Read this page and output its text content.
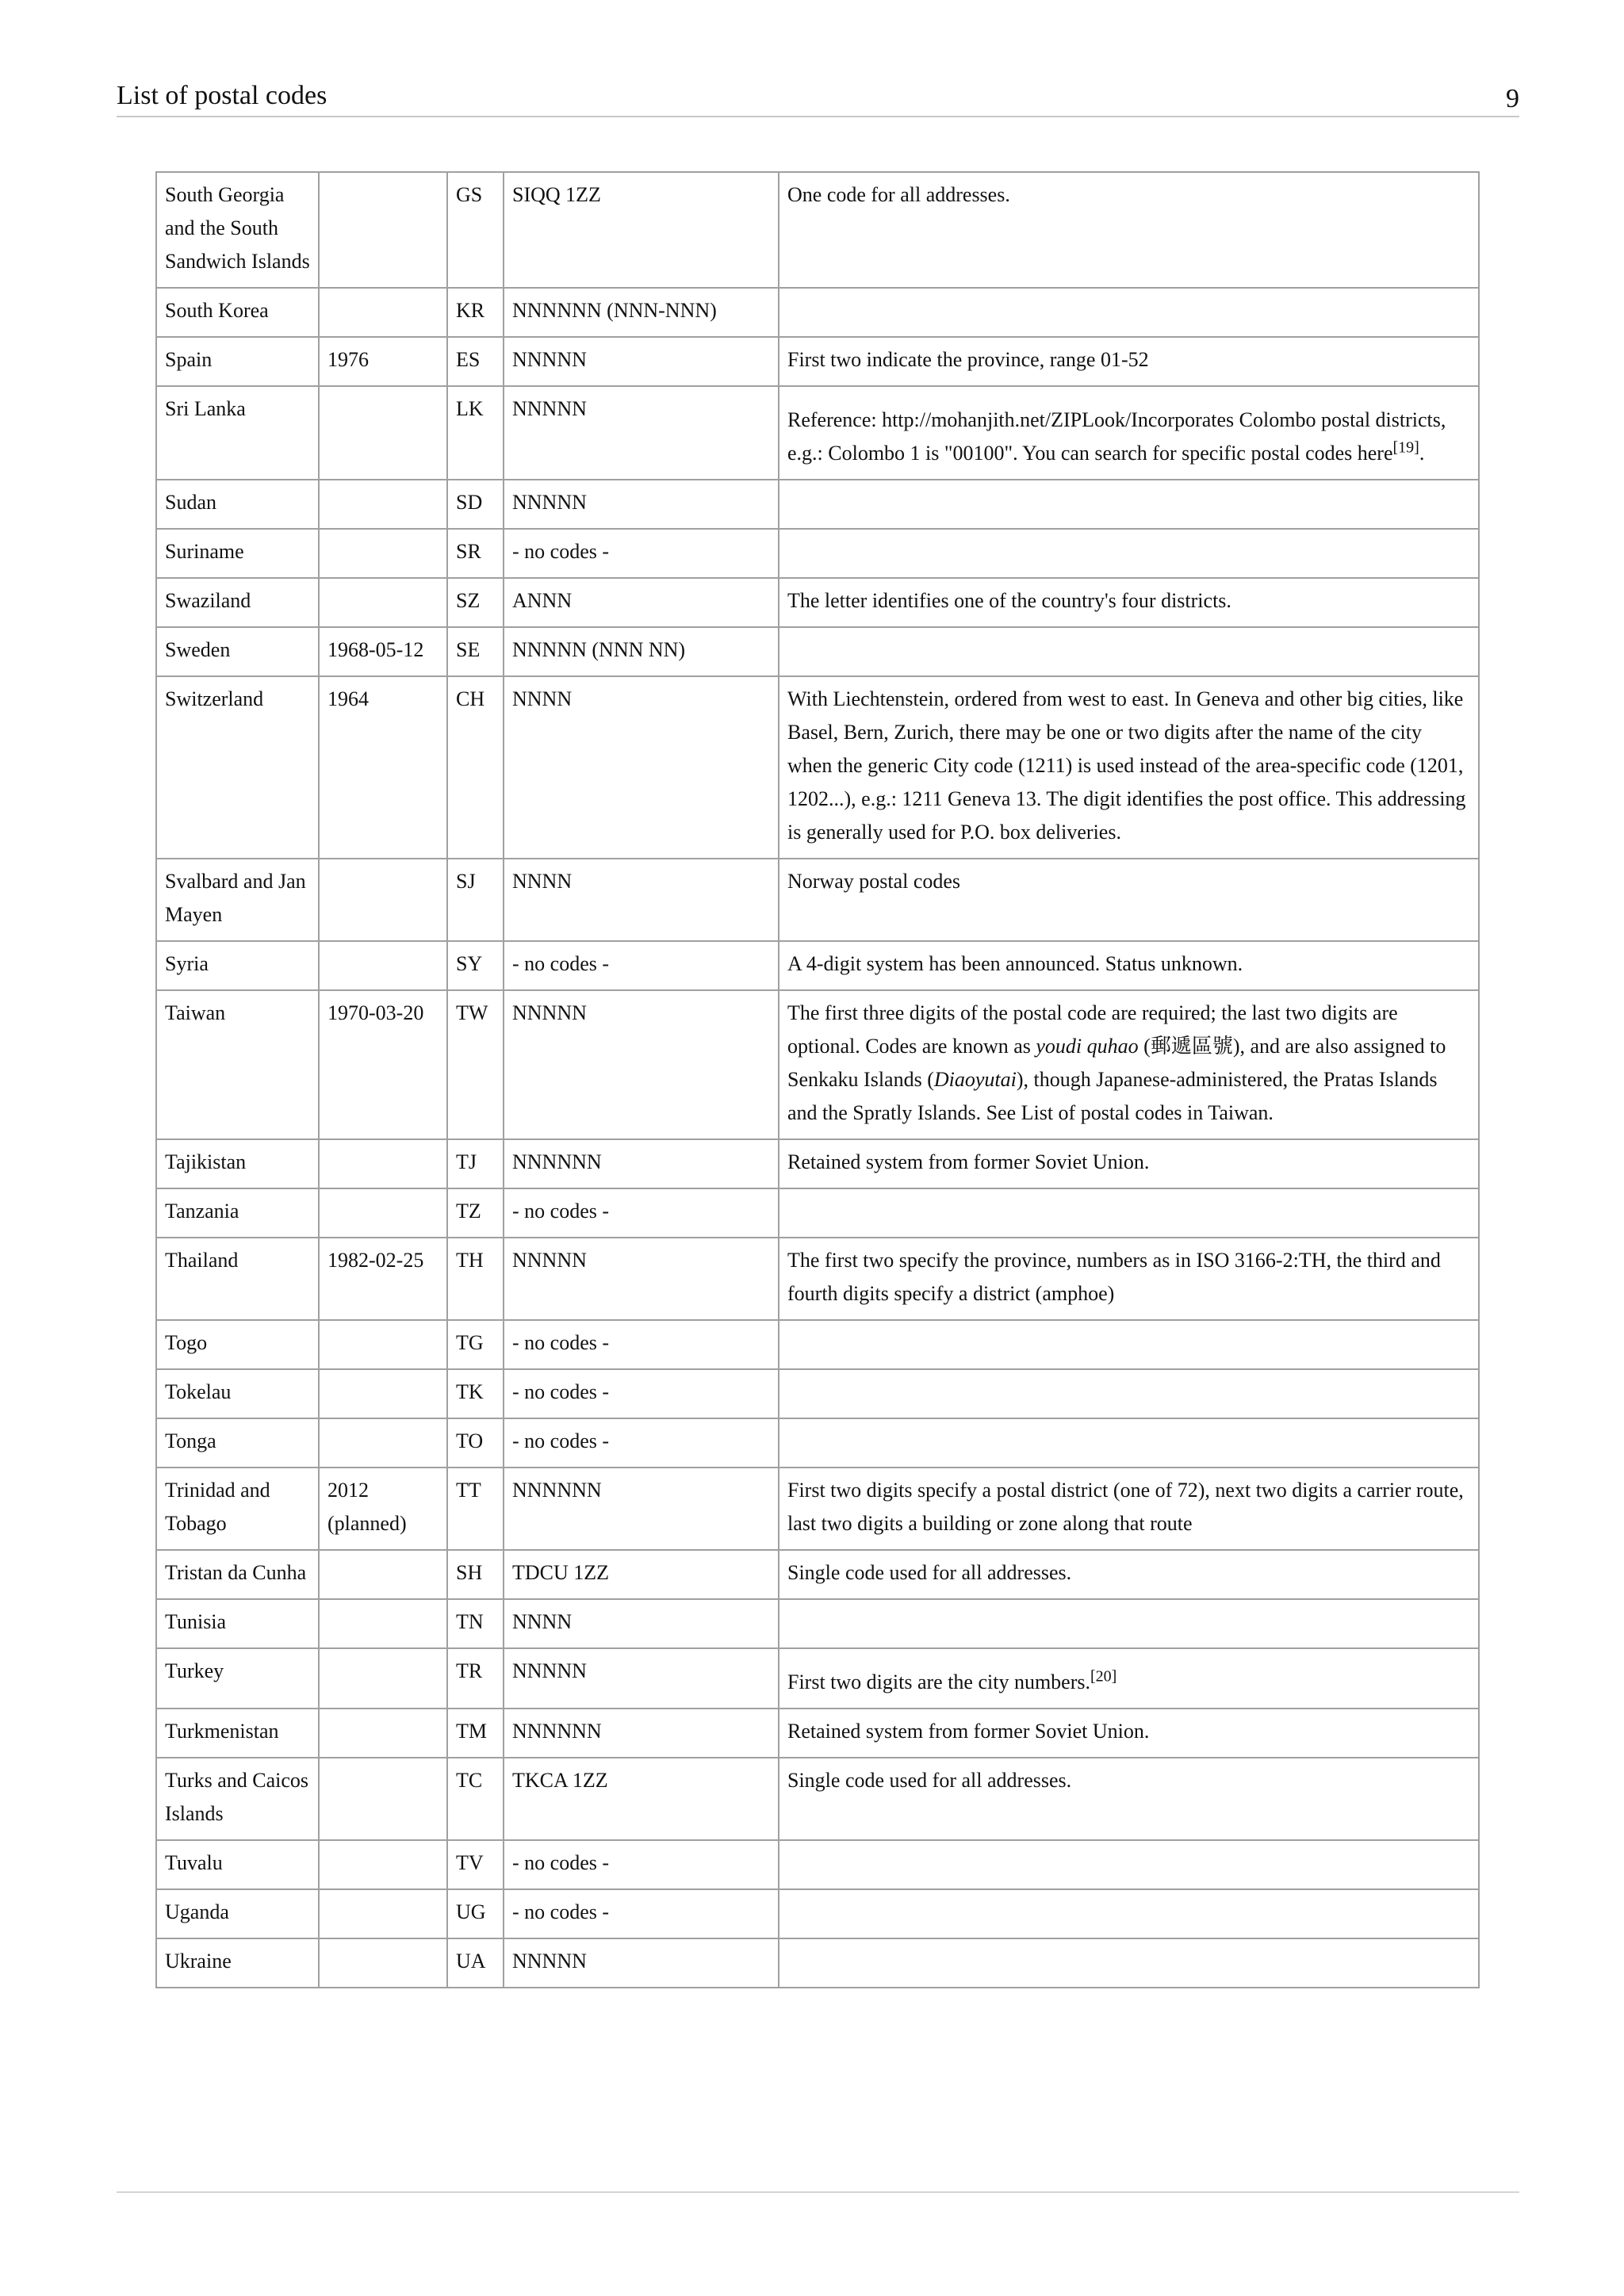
List of postal codes	9
South Georgia and the South Sandwich Islands		GS	SIQQ 1ZZ	One code for all addresses.
South Korea		KR	NNNNNN (NNN-NNN)	
Spain	1976	ES	NNNNN	First two indicate the province, range 01-52
Sri Lanka		LK	NNNNN	Reference: http://mohanjith.net/ZIPLook/Incorporates Colombo postal districts, e.g.: Colombo 1 is "00100". You can search for specific postal codes here[19].

Sudan		SD	NNNNN	
Suriname		SR	- no codes -	
Swaziland		SZ	ANNN	The letter identifies one of the country's four districts.
Sweden	1968-05-12	SE	NNNNN (NNN NN)	
Switzerland	1964	CH	NNNN	With Liechtenstein, ordered from west to east. In Geneva and other big cities, like Basel, Bern, Zurich, there may be one or two digits after the name of the city when the generic City code (1211) is used instead of the area-specific code (1201, 1202...), e.g.: 1211 Geneva 13. The digit identifies the post office. This addressing is generally used for P.O. box deliveries.
Svalbard and Jan Mayen		SJ	NNNN	Norway postal codes
Syria		SY	- no codes -	A 4-digit system has been announced. Status unknown.
Taiwan	1970-03-20	TW	NNNNN	The first three digits of the postal code are required; the last two digits are optional. Codes are known as youdi quhao (郵遞區號), and are also assigned to Senkaku Islands (Diaoyutai), though Japanese-administered, the Pratas Islands and the Spratly Islands. See List of postal codes in Taiwan.
Tajikistan		TJ	NNNNNN	Retained system from former Soviet Union.
Tanzania		TZ	- no codes -	
Thailand	1982-02-25	TH	NNNNN	The first two specify the province, numbers as in ISO 3166-2:TH, the third and fourth digits specify a district (amphoe)
Togo		TG	- no codes -	
Tokelau		TK	- no codes -	
Tonga		TO	- no codes -	
Trinidad and Tobago	2012 (planned)	TT	NNNNNN	First two digits specify a postal district (one of 72), next two digits a carrier route, last two digits a building or zone along that route
Tristan da Cunha		SH	TDCU 1ZZ	Single code used for all addresses.
Tunisia		TN	NNNN	
Turkey		TR	NNNNN	First two digits are the city numbers.[20]

Turkmenistan		TM	NNNNNN	Retained system from former Soviet Union.
Turks and Caicos Islands		TC	TKCA 1ZZ	Single code used for all addresses.
Tuvalu		TV	- no codes -	
Uganda		UG	- no codes -	
Ukraine		UA	NNNNN	
